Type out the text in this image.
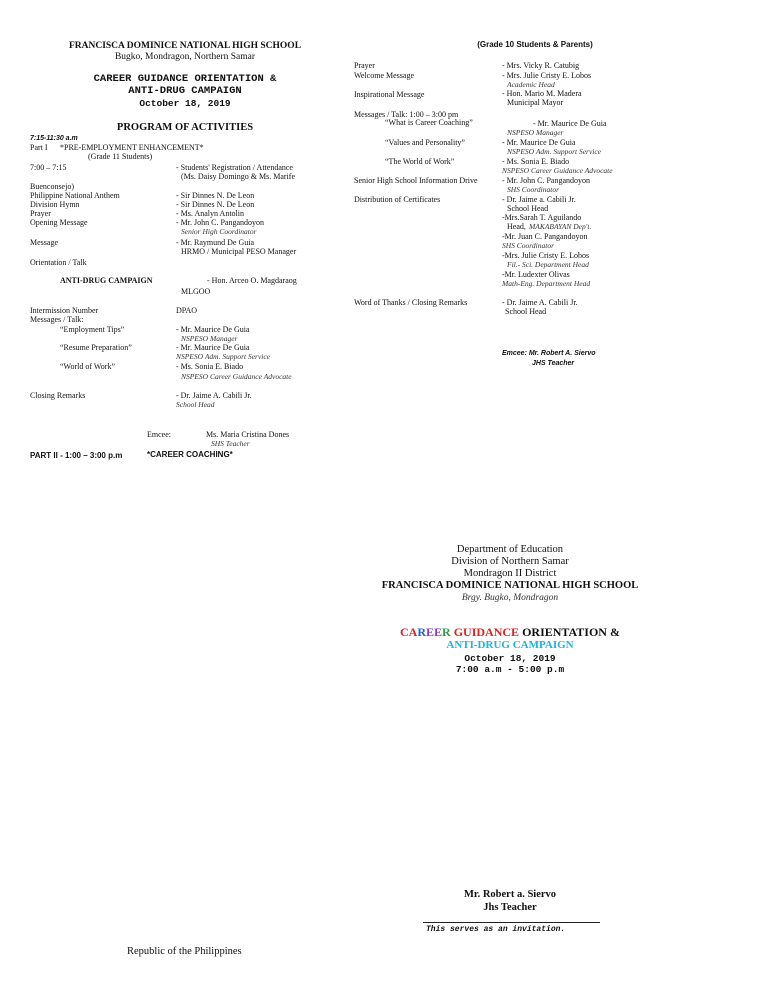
FRANCISCA DOMINICE NATIONAL HIGH SCHOOL
Bugko, Mondragon, Northern Samar
CAREER GUIDANCE ORIENTATION &
ANTI-DRUG CAMPAIGN
October 18, 2019
PROGRAM OF ACTIVITIES
7:15-11:30 a.m
Part I *PRE-EMPLOYMENT ENHANCEMENT*
(Grade 11 Students)
7:00 – 7:15	- Students' Registration / Attendance
(Ms. Daisy Domingo & Ms. Marife
Buenconsejo)
Philippine National Anthem	- Sir Dinnes N. De Leon
Division Hymn	- Sir Dinnes N. De Leon
Prayer	- Ms. Analyn Antolin
Opening Message	- Mr. John C. Pangandoyon
Senior High Coordinator
Message	- Mr. Raymund De Guia
HRMO / Municipal PESO Manager
Orientation / Talk
ANTI-DRUG CAMPAIGN	- Hon. Arceo O. Magdaraog
MLGOO
Intermission Number	DPAO
Messages / Talk:
“Employment Tips”	- Mr. Maurice De Guia
NSPESO Manager
“Resume Preparation”	- Mr. Maurice De Guia
NSPESO Adm. Support Service
“World of Work”	- Ms. Sonia E. Biado
NSPESO Career Guidance Advocate
Closing Remarks	- Dr. Jaime A. Cabili Jr.
School Head
Emcee:	Ms. Maria Cristina Dones
SHS Teacher
PART II - 1:00 – 3:00 p.m	*CAREER COACHING*
Republic of the Philippines
(Grade 10 Students & Parents)
Prayer	- Mrs. Vicky R. Catubig
Welcome Message	- Mrs. Julie Cristy E. Lobos
Academic Head
Inspirational Message	- Hon. Mario M. Madera
Municipal Mayor
Messages / Talk: 1:00 – 3:00 pm
“What is Career Coaching”	- Mr. Maurice De Guia
NSPESO Manager
“Values and Personality”	- Mr. Maurice De Guia
NSPESO Adm. Support Service
“The World of Work”	- Ms. Sonia E. Biado
NSPESO Career Guidance Advocate
Senior High School Information Drive	- Mr. John C. Pangandoyon
SHS Coordinator
Distribution of Certificates	- Dr. Jaime a. Cabili Jr.
School Head
-Mrs.Sarah T. Aguilando
Head, MAKABAYAN Dep't.
-Mr. Juan C. Pangandoyon
SHS Coordinator
-Mrs. Julie Cristy E. Lobos
Fil.- Sci. Department Head
-Mr. Ludexter Olivas
Math-Eng. Department Head
Word of Thanks / Closing Remarks	- Dr. Jaime A. Cabili Jr.
School Head
Emcee: Mr. Robert A. Siervo
JHS Teacher
Department of Education
Division of Northern Samar
Mondragon II District
FRANCISCA DOMINICE NATIONAL HIGH SCHOOL
Brgy. Bugko, Mondragon
CAREER GUIDANCE ORIENTATION &
ANTI-DRUG CAMPAIGN
October 18, 2019
7:00 a.m - 5:00 p.m
Mr. Robert a. Siervo
Jhs Teacher
This serves as an invitation.
